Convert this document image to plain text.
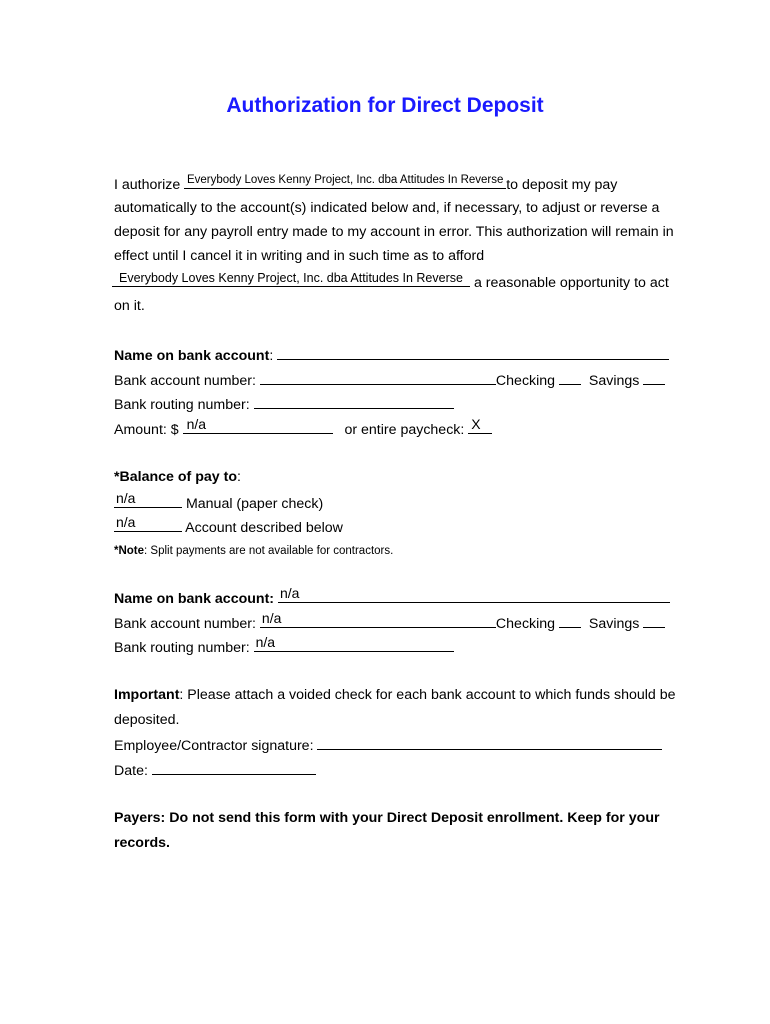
Authorization for Direct Deposit
I authorize Everybody Loves Kenny Project, Inc. dba Attitudes In Reverse to deposit my pay
automatically to the account(s) indicated below and, if necessary, to adjust or reverse a
deposit for any payroll entry made to my account in error. This authorization will remain in
effect until I cancel it in writing and in such time as to afford
Everybody Loves Kenny Project, Inc. dba Attitudes In Reverse a reasonable opportunity to act
on it.
Name on bank account:
Bank account number:	Checking Savings
Bank routing number:
Amount: $ n/a	or entire paycheck: X
*Balance of pay to:
n/a	Manual (paper check)
n/a	Account described below
*Note: Split payments are not available for contractors.
Name on bank account: n/a
Bank account number: n/a	Checking Savings
Bank routing number: n/a
Important: Please attach a voided check for each bank account to which funds should be
deposited.
Employee/Contractor signature:
Date:
Payers: Do not send this form with your Direct Deposit enrollment. Keep for your
records.
